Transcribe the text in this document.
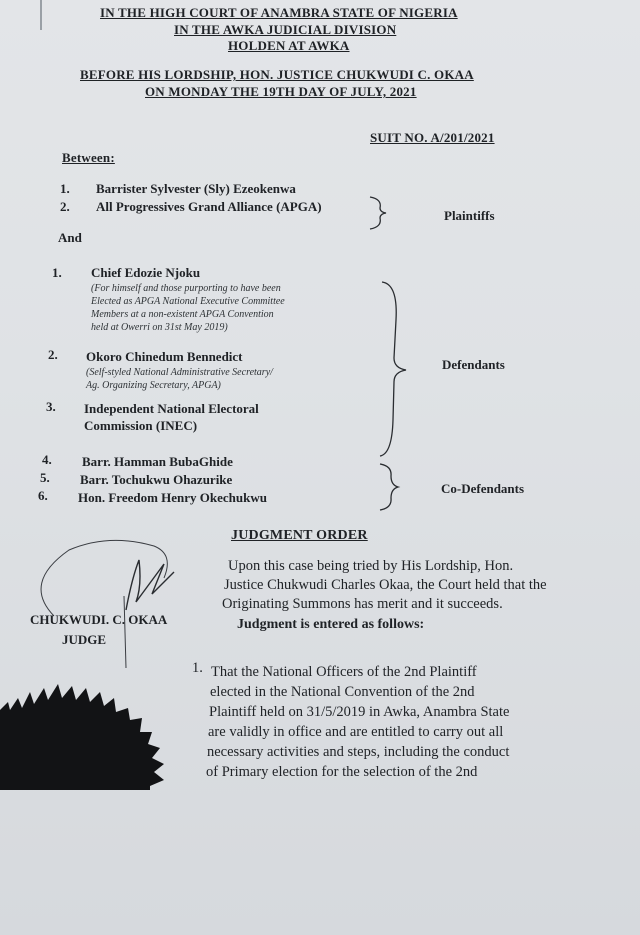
IN THE HIGH COURT OF ANAMBRA STATE OF NIGERIA
IN THE AWKA JUDICIAL DIVISION
HOLDEN AT AWKA
BEFORE HIS LORDSHIP, HON. JUSTICE CHUKWUDI C. OKAA
ON MONDAY THE 19TH DAY OF JULY, 2021
SUIT NO. A/201/2021
Between:
1. Barrister Sylvester (Sly) Ezeokenwa
2. All Progressives Grand Alliance (APGA)
Plaintiffs
And
1. Chief Edozie Njoku
(For himself and those purporting to have been
Elected as APGA National Executive Committee
Members at a non-existent APGA Convention
held at Owerri on 31st May 2019)
2. Okoro Chinedum Bennedict
(Self-styled National Administrative Secretary/
Ag. Organizing Secretary, APGA)
3. Independent National Electoral
Commission (INEC)
Defendants
4. Barr. Hamman BubaGhide
5. Barr. Tochukwu Ohazurike
6. Hon. Freedom Henry Okechukwu
Co-Defendants
JUDGMENT ORDER
Upon this case being tried by His Lordship, Hon.
Justice Chukwudi Charles Okaa, the Court held that the
Originating Summons has merit and it succeeds.
Judgment is entered as follows:
1. That the National Officers of the 2nd Plaintiff
elected in the National Convention of the 2nd
Plaintiff held on 31/5/2019 in Awka, Anambra State
are validly in office and are entitled to carry out all
necessary activities and steps, including the conduct
of Primary election for the selection of the 2nd
CHUKWUDI. C. OKAA
JUDGE
